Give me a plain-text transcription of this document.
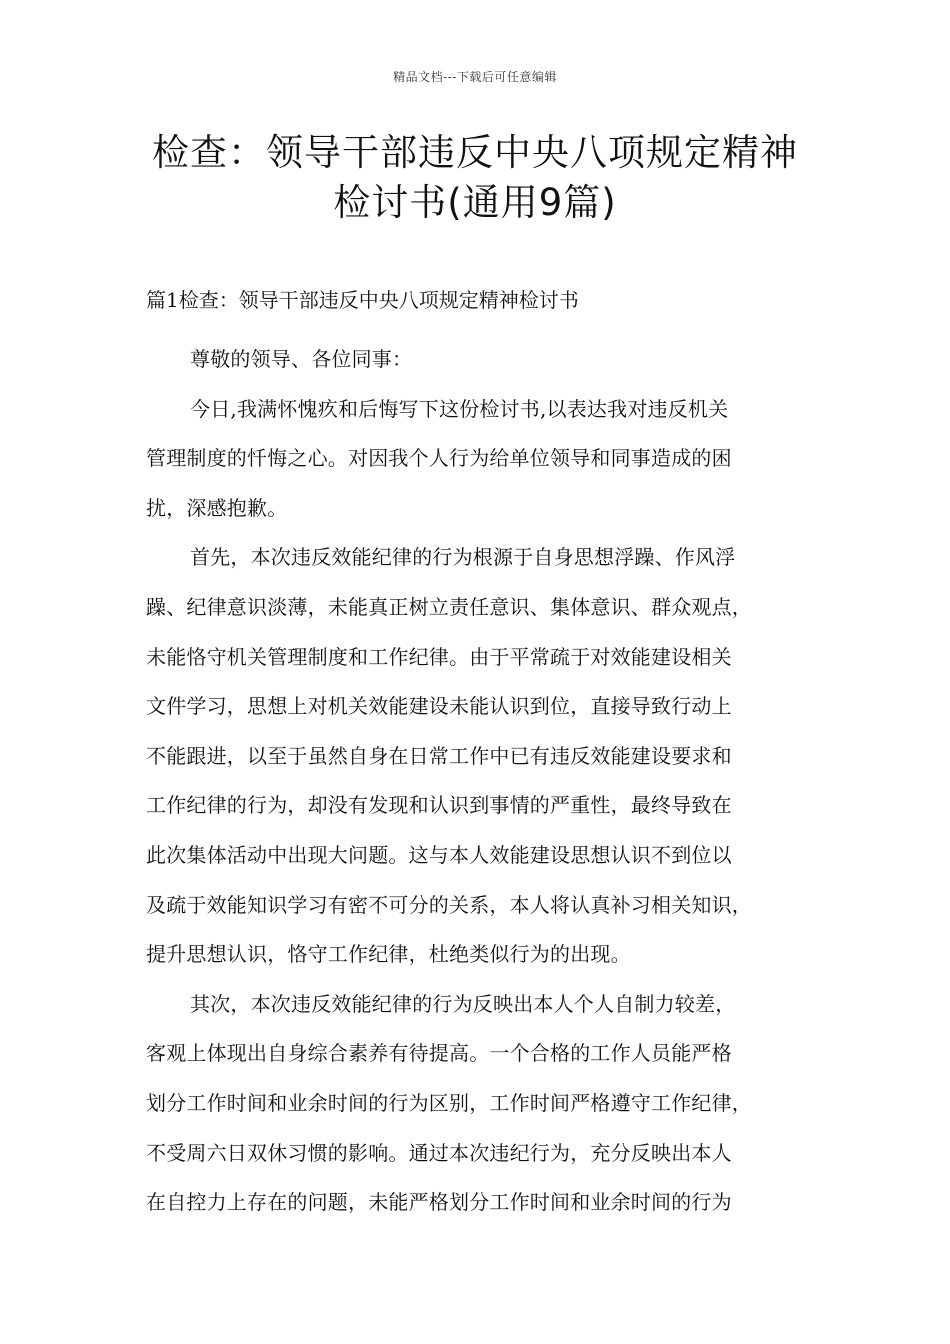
精品文档---下载后可任意编辑
检查：领导干部违反中央八项规定精神
检讨书(通用9篇)
篇1检查：领导干部违反中央八项规定精神检讨书

尊敬的领导、各位同事：

今日,我满怀愧疚和后悔写下这份检讨书,以表达我对违反机关
管理制度的忏悔之心。对因我个人行为给单位领导和同事造成的困
扰，深感抱歉。

首先，本次违反效能纪律的行为根源于自身思想浮躁、作风浮
躁、纪律意识淡薄，未能真正树立责任意识、集体意识、群众观点，
未能恪守机关管理制度和工作纪律。由于平常疏于对效能建设相关
文件学习，思想上对机关效能建设未能认识到位，直接导致行动上
不能跟进，以至于虽然自身在日常工作中已有违反效能建设要求和
工作纪律的行为，却没有发现和认识到事情的严重性，最终导致在
此次集体活动中出现大问题。这与本人效能建设思想认识不到位以
及疏于效能知识学习有密不可分的关系，本人将认真补习相关知识，
提升思想认识，恪守工作纪律，杜绝类似行为的出现。

其次，本次违反效能纪律的行为反映出本人个人自制力较差，
客观上体现出自身综合素养有待提高。一个合格的工作人员能严格
划分工作时间和业余时间的行为区别，工作时间严格遵守工作纪律，
不受周六日双休习惯的影响。通过本次违纪行为，充分反映出本人
在自控力上存在的问题，未能严格划分工作时间和业余时间的行为
